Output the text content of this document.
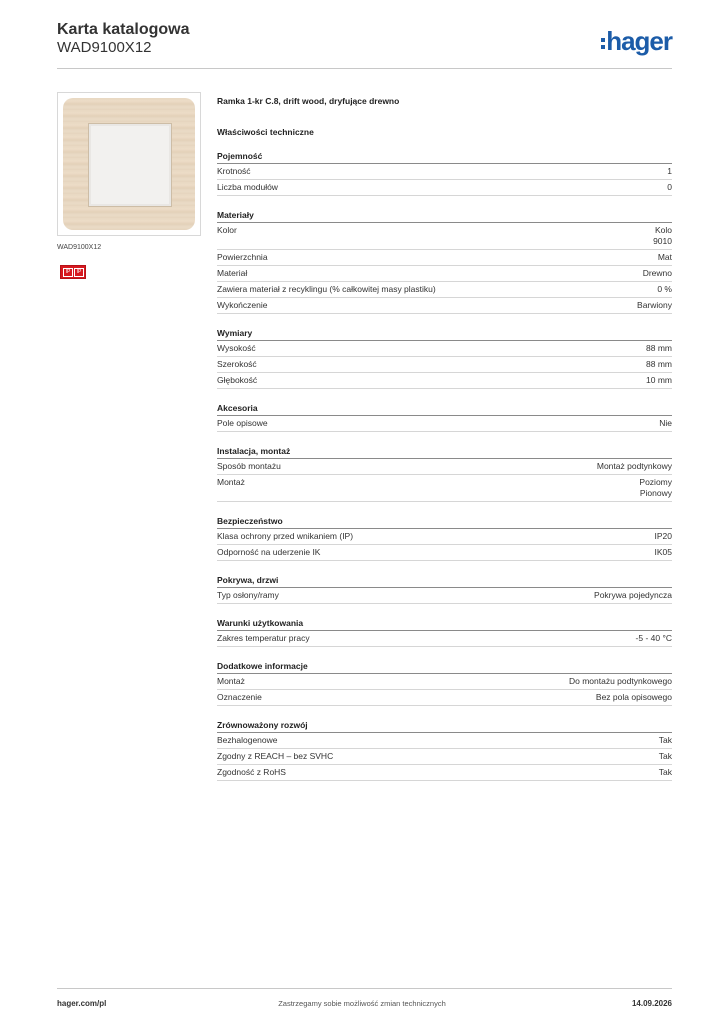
Karta katalogowa
WAD9100X12	hager
WAD9100X12
IP	IP
Ramka 1-kr C.8, drift wood, dryfujące drewno
Właściwości techniczne
Pojemność
Krotność	1
Liczba modułów	0
Materiały
Kolor	Kolo
9010
Powierzchnia	Mat
Materiał	Drewno
Zawiera materiał z recyklingu (% całkowitej masy plastiku)	0 %
Wykończenie	Barwiony
Wymiary
Wysokość	88 mm
Szerokość	88 mm
Głębokość	10 mm
Akcesoria
Pole opisowe	Nie
Instalacja, montaż
Sposób montażu	Montaż podtynkowy
Montaż	Poziomy
Pionowy
Bezpieczeństwo
Klasa ochrony przed wnikaniem (IP)	IP20
Odporność na uderzenie IK	IK05
Pokrywa, drzwi
Typ osłony/ramy	Pokrywa pojedyncza
Warunki użytkowania
Zakres temperatur pracy	-5 - 40 °C
Dodatkowe informacje
Montaż	Do montażu podtynkowego
Oznaczenie	Bez pola opisowego
Zrównoważony rozwój
Bezhalogenowe	Tak
Zgodny z REACH – bez SVHC	Tak
Zgodność z RoHS	Tak
hager.com/pl	Zastrzegamy sobie możliwość zmian technicznych	14.09.2026
